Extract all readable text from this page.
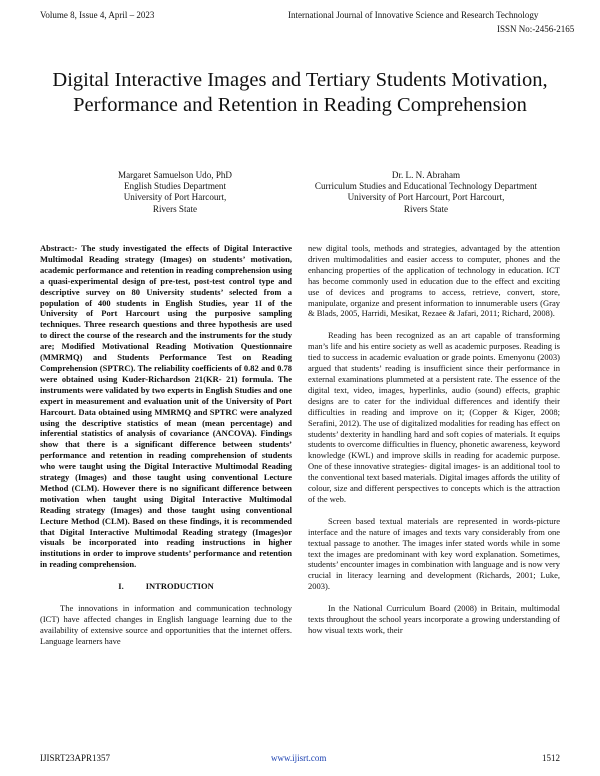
Volume 8, Issue 4, April – 2023	International Journal of Innovative Science and Research Technology
ISSN No:-2456-2165
Digital Interactive Images and Tertiary Students Motivation, Performance and Retention in Reading Comprehension
Margaret Samuelson Udo, PhD
English Studies Department
University of Port Harcourt,
Rivers State
Dr. L. N. Abraham
Curriculum Studies and Educational Technology Department
University of Port Harcourt, Port Harcourt,
Rivers State

Abstract:- The study investigated the effects of Digital Interactive Multimodal Reading strategy (Images) on students’ motivation, academic performance and retention in reading comprehension using a quasi-experimental design of pre-test, post-test control type and descriptive survey on 80 University students’ selected from a population of 400 students in English Studies, year 1I of the University of Port Harcourt using the purposive sampling techniques. Three research questions and three hypothesis are used to direct the course of the research and the instruments for the study are; Modified Motivational Reading Motivation Questionnaire (MMRMQ) and Students Performance Test on Reading Comprehension (SPTRC). The reliability coefficients of 0.82 and 0.78 were obtained using Kuder-Richardson 21(KR- 21) formula. The instruments were validated by two experts in English Studies and one expert in measurement and evaluation unit of the University of Port Harcourt. Data obtained using MMRMQ and SPTRC were analyzed using the descriptive statistics of mean (mean percentage) and inferential statistics of analysis of covariance (ANCOVA). Findings show that there is a significant difference between students’ performance and retention in reading comprehension of students who were taught using the Digital Interactive Multimodal Reading strategy (Images) and those taught using conventional Lecture Method (CLM). However there is no significant difference between motivation when taught using Digital Interactive Multimodal Reading strategy (Images) and those taught using conventional Lecture Method (CLM). Based on these findings, it is recommended that Digital Interactive Multimodal Reading strategy (Images)or visuals be incorporated into reading instructions in higher institutions in order to improve students’ performance and retention in reading comprehension.

I.	INTRODUCTION

The innovations in information and communication technology (ICT) have affected changes in English language learning due to the availability of extensive source and opportunities that the internet offers. Language learners have

new digital tools, methods and strategies, advantaged by the attention driven multimodalities and easier access to computer, phones and the enhancing properties of the application of technology in education. ICT has become commonly used in education due to the effect and exciting use of devices and programs to access, retrieve, convert, store, manipulate, organize and present information to innumerable users (Gray & Blads, 2005, Harridi, Mesikat, Rezaee & Jafari, 2011; Richard, 2008).

Reading has been recognized as an art capable of transforming man’s life and his entire society as well as academic purposes. Reading is tied to success in academic evaluation or grade points. Emenyonu (2003) argued that students’ reading is insufficient since their performance in external examinations plummeted at a persistent rate. The essence of the digital text, video, images, hyperlinks, audio (sound) effects, graphic designs are to cater for the individual differences and identify their difficulties in reading and improve on it; (Copper & Kiger, 2008; Serafini, 2012). The use of digitalized modalities for reading has effect on students’ dexterity in handling hard and soft copies of materials. It equips students to overcome difficulties in fluency, phonetic awareness, keyword knowledge (KWL) and improve skills in reading for academic purpose. One of these innovative strategies- digital images- is an additional tool to the conventional text based materials. Digital images affords the utility of colour, size and different perspectives to concepts which is the attraction of the web.

Screen based textual materials are represented in words-picture interface and the nature of images and texts vary considerably from one textual passage to another. The images infer stated words while in some text the images are predominant with key word explanation. Sometimes, students’ encounter images in combination with language and is now very crucial in literacy learning and development (Richards, 2001; Luke, 2003).

In the National Curriculum Board (2008) in Britain, multimodal texts throughout the school years incorporate a growing understanding of how visual texts work, their

IJISRT23APR1357	www.ijisrt.com	1512
